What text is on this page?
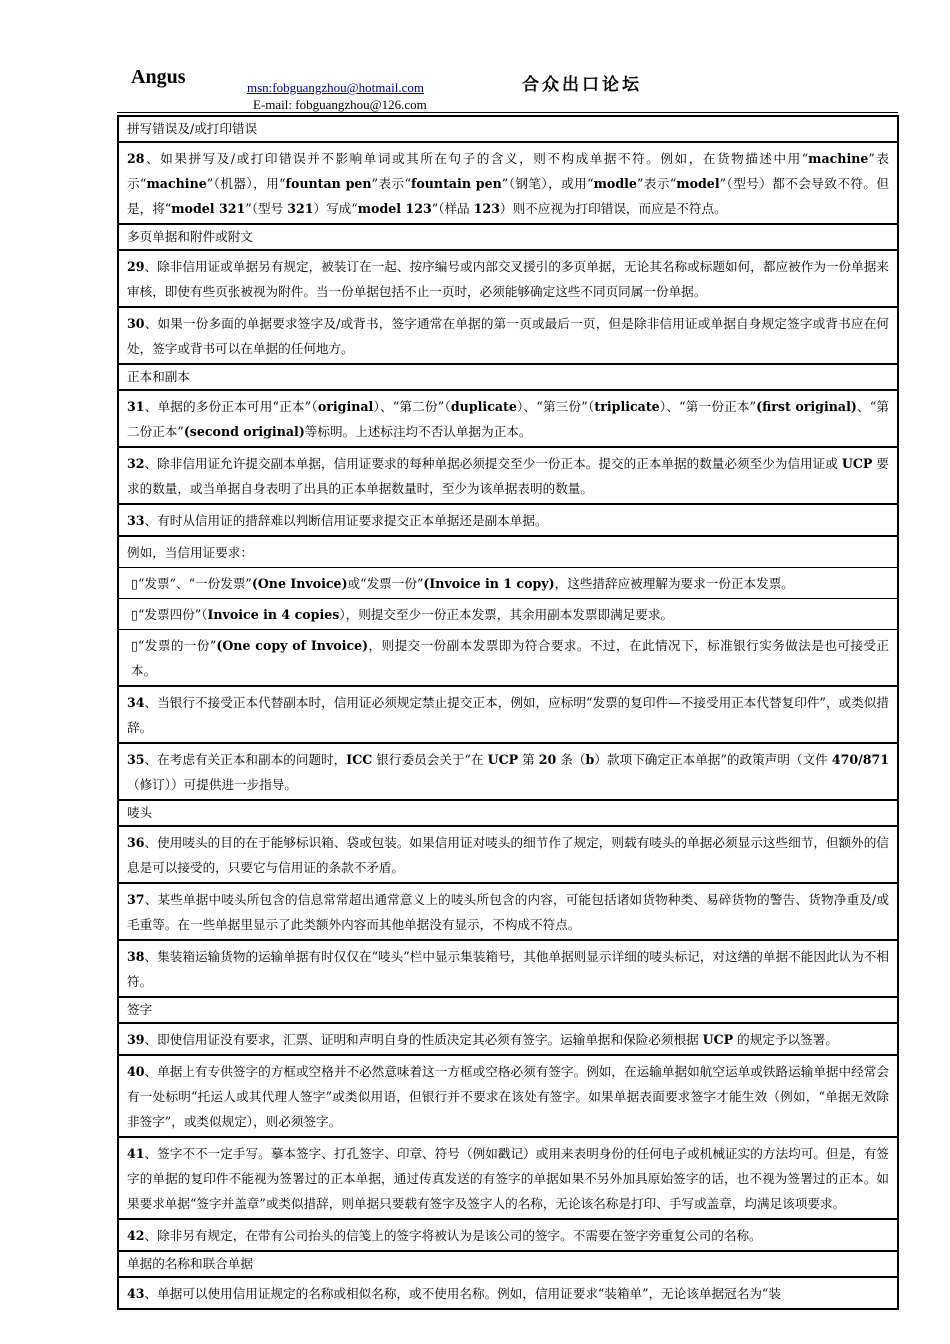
Angus	msn:fobguangzhou@hotmail.com
E-mail: fobguangzhou@126.com
合众出口论坛
拼写错误及/或打印错误
28、如果拼写及/或打印错误并不影响单词或其所在句子的含义，则不构成单据不符。例如，在货物描述中用“machine”表示“machine”（机器），用“fountan pen”表示“fountain pen”（钢笔），或用“modle”表示“model”（型号）都不会导致不符。但是，将“model 321”（型号 321）写成“model 123”（样品 123）则不应视为打印错误，而应是不符点。
多页单据和附件或附文
29、除非信用证或单据另有规定，被装订在一起、按序编号或内部交叉援引的多页单据，无论其名称或标题如何，都应被作为一份单据来审核，即使有些页张被视为附件。当一份单据包括不止一页时，必须能够确定这些不同页同属一份单据。
30、如果一份多面的单据要求签字及/或背书，签字通常在单据的第一页或最后一页，但是除非信用证或单据自身规定签字或背书应在何处，签字或背书可以在单据的任何地方。
正本和副本
31、单据的多份正本可用“正本”（original）、“第二份”（duplicate）、“第三份”（triplicate）、“第一份正本”(first original)、“第二份正本”(second original)等标明。上述标注均不否认单据为正本。
32、除非信用证允许提交副本单据，信用证要求的每种单据必须提交至少一份正本。提交的正本单据的数量必须至少为信用证或 UCP 要求的数量，或当单据自身表明了出具的正本单据数量时，至少为该单据表明的数量。
33、有时从信用证的措辞难以判断信用证要求提交正本单据还是副本单据。
例如，当信用证要求：
▯“发票”、“一份发票”(One Invoice)或“发票一份”(Invoice in 1 copy)，这些措辞应被理解为要求一份正本发票。
▯“发票四份”（Invoice in 4 copies），则提交至少一份正本发票，其余用副本发票即满足要求。
▯“发票的一份”(One copy of Invoice)，则提交一份副本发票即为符合要求。不过，在此情况下，标准银行实务做法是也可接受正本。
34、当银行不接受正本代替副本时，信用证必须规定禁止提交正本，例如，应标明“发票的复印件—不接受用正本代替复印件”，或类似措辞。
35、在考虑有关正本和副本的问题时，ICC 银行委员会关于“在 UCP 第 20 条（b）款项下确定正本单据”的政策声明（文件 470/871（修订））可提供进一步指导。
唛头
36、使用唛头的目的在于能够标识箱、袋或包装。如果信用证对唛头的细节作了规定，则载有唛头的单据必须显示这些细节，但额外的信息是可以接受的，只要它与信用证的条款不矛盾。
37、某些单据中唛头所包含的信息常常超出通常意义上的唛头所包含的内容，可能包括诸如货物种类、易碎货物的警告、货物净重及/或毛重等。在一些单据里显示了此类额外内容而其他单据没有显示，不构成不符点。
38、集装箱运输货物的运输单据有时仅仅在“唛头”栏中显示集装箱号，其他单据则显示详细的唛头标记，对这缮的单据不能因此认为不相符。
签字
39、即使信用证没有要求，汇票、证明和声明自身的性质决定其必须有签字。运输单据和保险必须根据 UCP 的规定予以签署。
40、单据上有专供签字的方框或空格并不必然意味着这一方框或空格必须有签字。例如，在运输单据如航空运单或铁路运输单据中经常会有一处标明“托运人或其代理人签字”或类似用语，但银行并不要求在该处有签字。如果单据表面要求签字才能生效（例如，“单据无效除非签字”，或类似规定），则必须签字。
41、签字不不一定手写。摹本签字、打孔签字、印章、符号（例如戳记）或用来表明身份的任何电子或机械证实的方法均可。但是，有签字的单据的复印件不能视为签署过的正本单据，通过传真发送的有签字的单据如果不另外加具原始签字的话，也不视为签署过的正本。如果要求单据“签字并盖章”或类似措辞，则单据只要载有签字及签字人的名称，无论该名称是打印、手写或盖章，均满足该项要求。
42、除非另有规定，在带有公司抬头的信笺上的签字将被认为是该公司的签字。不需要在签字旁重复公司的名称。
单据的名称和联合单据
43、单据可以使用信用证规定的名称或相似名称，或不使用名称。例如，信用证要求“装箱单”，无论该单据冠名为“装
